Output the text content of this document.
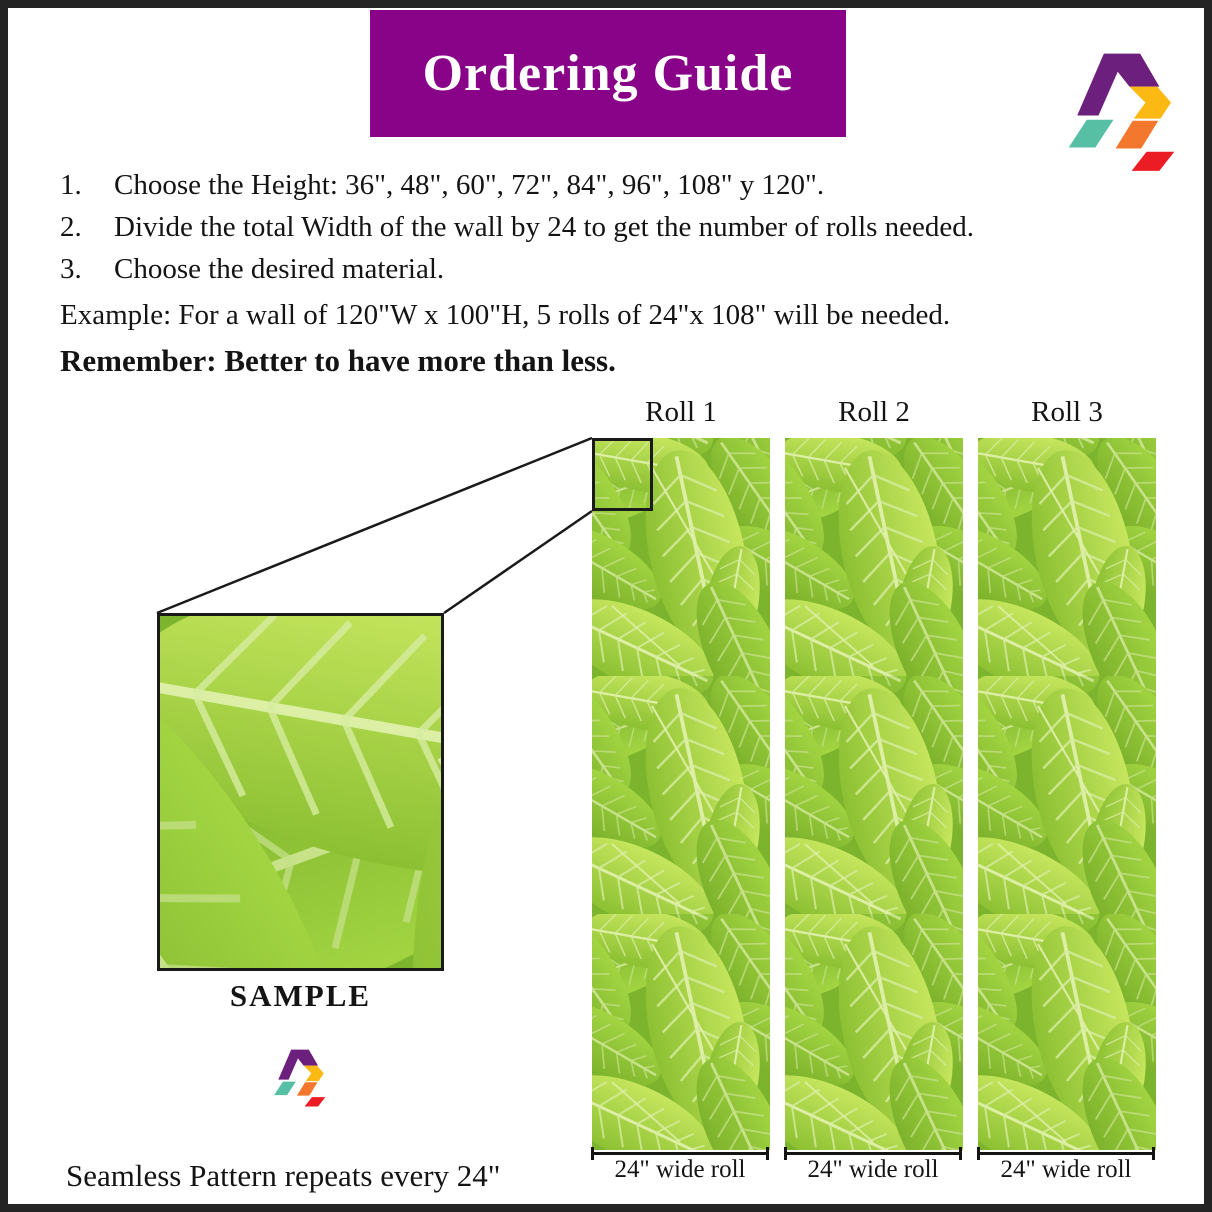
Ordering Guide
1.	Choose the Height: 36", 48", 60", 72", 84", 96", 108" y 120".
2.	Divide the total Width of the wall by 24 to get the number of rolls needed.
3.	Choose the desired material.
Example: For a wall of 120"W x 100"H, 5 rolls of 24"x 108" will be needed.
Remember: Better to have more than less.
Roll 1	Roll 2	Roll 3
SAMPLE
24" wide roll	24" wide roll	24" wide roll
Seamless Pattern repeats every 24"
